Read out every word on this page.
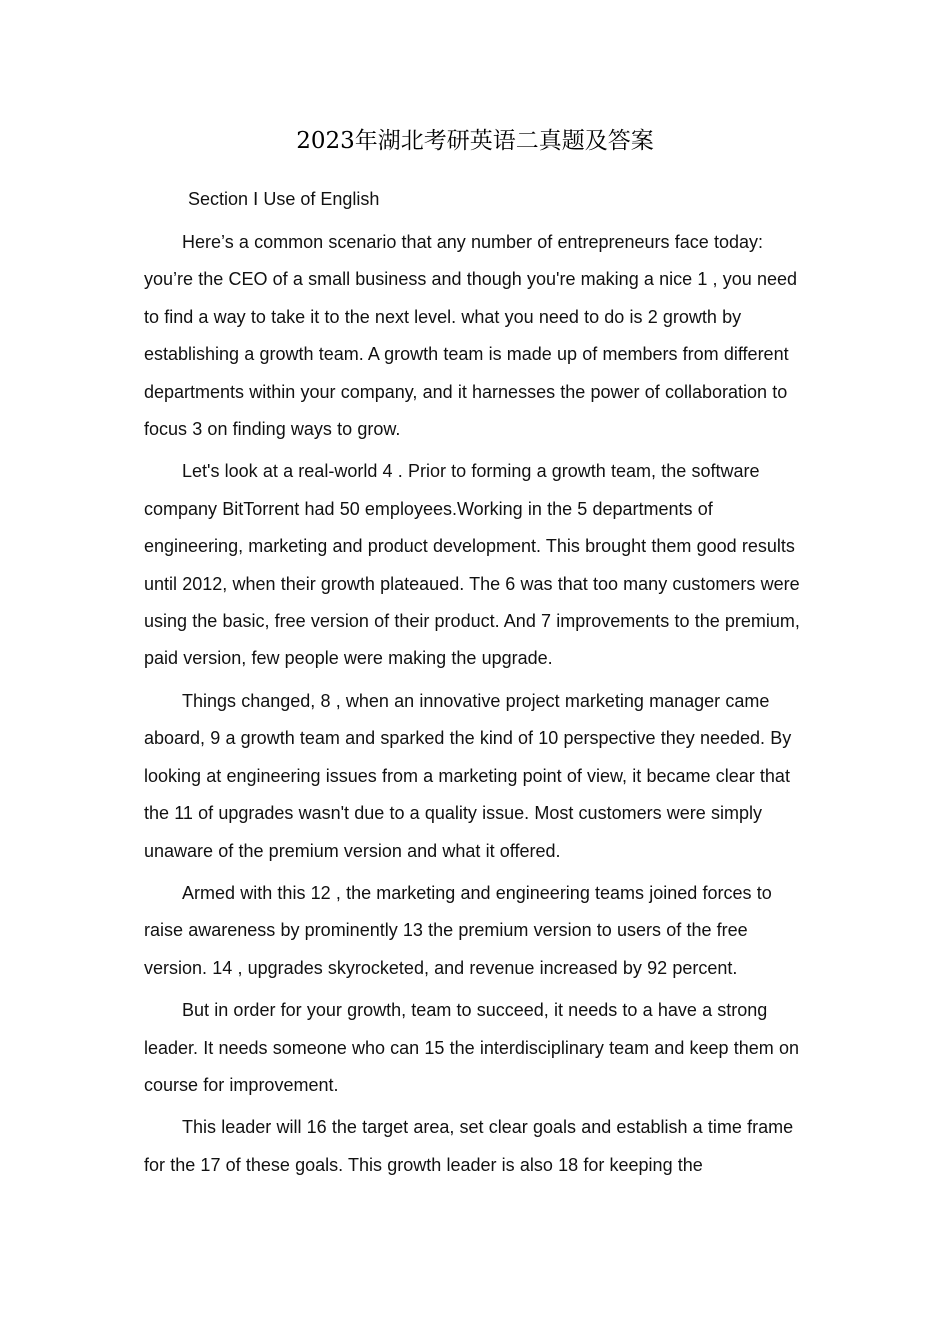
2023年湖北考研英语二真题及答案

Section Ⅰ Use of English

Here’s a common scenario that any number of entrepreneurs face today: you’re the CEO of a small business and though you're making a nice 1 , you need to find a way to take it to the next level. what you need to do is 2 growth by establishing a growth team. A growth team is made up of members from different departments within your company, and it harnesses the power of collaboration to focus 3 on finding ways to grow.

Let's look at a real-world 4 . Prior to forming a growth team, the software company BitTorrent had 50 employees.Working in the 5 departments of engineering, marketing and product development. This brought them good results until 2012, when their growth plateaued. The 6 was that too many customers were using the basic, free version of their product. And 7 improvements to the premium, paid version, few people were making the upgrade.

Things changed, 8 , when an innovative project marketing manager came aboard, 9 a growth team and sparked the kind of 10 perspective they needed. By looking at engineering issues from a marketing point of view, it became clear that the 11 of upgrades wasn't due to a quality issue. Most customers were simply unaware of the premium version and what it offered.

Armed with this 12 , the marketing and engineering teams joined forces to raise awareness by prominently 13 the premium version to users of the free version. 14 , upgrades skyrocketed, and revenue increased by 92 percent.

But in order for your growth, team to succeed, it needs to a have a strong leader. It needs someone who can 15 the interdisciplinary team and keep them on course for improvement.

This leader will 16 the target area, set clear goals and establish a time frame for the 17 of these goals. This growth leader is also 18 for keeping the
